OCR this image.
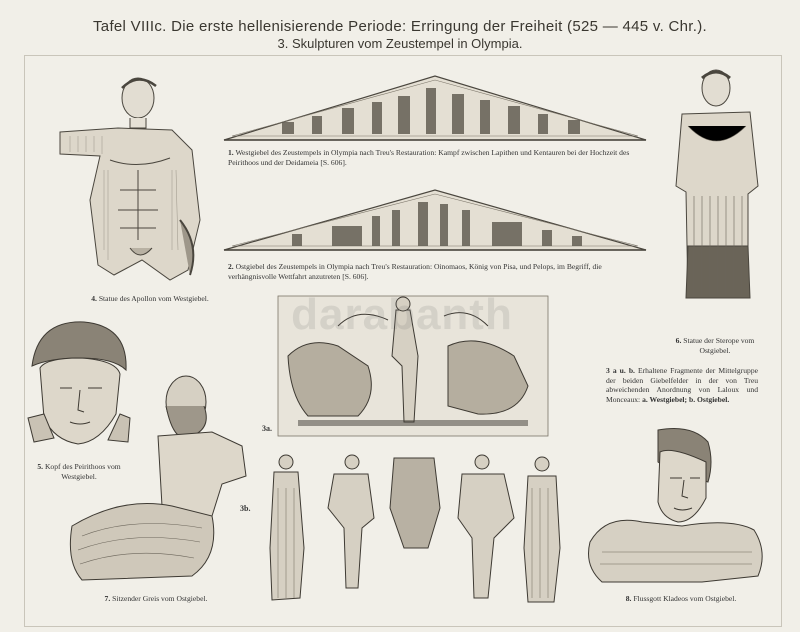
Tafel VIIIc. Die erste hellenisierende Periode: Erringung der Freiheit (525 — 445 v. Chr.).
3. Skulpturen vom Zeustempel in Olympia.
4. Statue des Apollon vom Westgiebel.
1. Westgiebel des Zeustempels in Olympia nach Treu's Restauration: Kampf zwischen Lapithen und Kentauren bei der Hochzeit des Peirithoos und der Deidameia [S. 606].
2. Ostgiebel des Zeustempels in Olympia nach Treu's Restauration: Oinomaos, König von Pisa, und Pelops, im Begriff, die verhängnisvolle Wettfahrt anzutreten [S. 606].
6. Statue der Sterope vom Ostgiebel.
3a.
3 a u. b. Erhaltene Fragmente der Mittelgruppe der beiden Giebelfelder in der von Treu abweichenden Anordnung von Laloux und Monceaux: a. Westgiebel; b. Ostgiebel.
5. Kopf des Peirithoos vom Westgiebel.
7. Sitzender Greis vom Ostgiebel.
3b.
8. Flussgott Kladeos vom Ostgiebel.
darabanth
